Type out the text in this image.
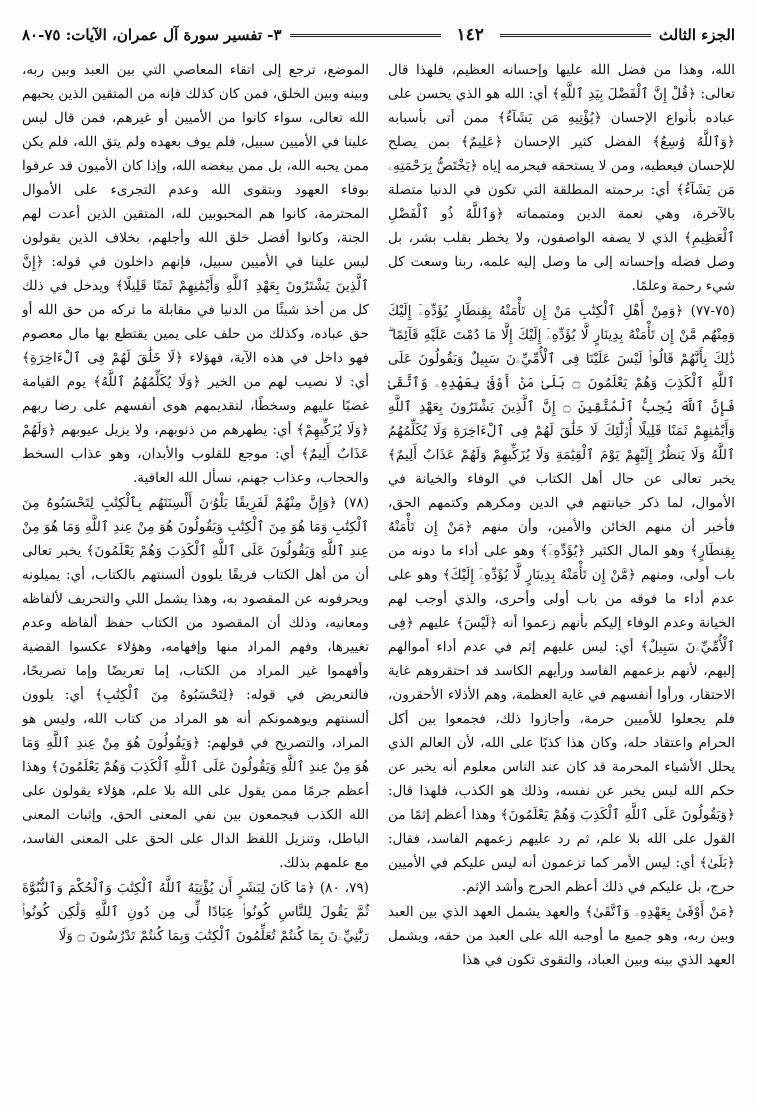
الجزء الثالث
١٤٢
٣- تفسير سورة آل عمران، الآيات: ٧٥-٨٠

الله، وهذا من فضل الله عليها وإحسانه العظيم، فلهذا قال تعالى: ﴿قُلْ إِنَّ ٱلْفَضْلَ بِيَدِ ٱللَّهِ﴾ أي: الله هو الذي يحسن على عباده بأنواع الإحسان ﴿يُؤْتِيهِ مَن يَشَآءُ﴾ ممن أتى بأسبابه ﴿وَٱللَّهُ وَٰسِعٌ﴾ الفضل كثير الإحسان ﴿عَلِيمٌ﴾ بمن يصلح للإحسان فيعطيه، ومن لا يستحقه فيحرمه إياه ﴿يَخْتَصُّ بِرَحْمَتِهِۦ مَن يَشَآءُ﴾ أي: برحمته المطلقة التي تكون في الدنيا متصلة بالآخرة، وهي نعمة الدين ومتمماته ﴿وَٱللَّهُ ذُو ٱلْفَضْلِ ٱلْعَظِيمِ﴾ الذي لا يصفه الواصفون، ولا يخطر بقلب بشر، بل وصل فضله وإحسانه إلى ما وصل إليه علمه، ربنا وسعت كل شيء رحمة وعلمًا.

(٧٥-٧٧) ﴿وَمِنْ أَهْلِ ٱلْكِتَٰبِ مَنْ إِن تَأْمَنْهُ بِقِنطَارٍ يُؤَدِّهِۦٓ إِلَيْكَ وَمِنْهُم مَّنْ إِن تَأْمَنْهُ بِدِينَارٍ لَّا يُؤَدِّهِۦٓ إِلَيْكَ إِلَّا مَا دُمْتَ عَلَيْهِ قَآئِمًا ۗ ذَٰلِكَ بِأَنَّهُمْ قَالُوا۟ لَيْسَ عَلَيْنَا فِى ٱلْأُمِّيِّۦنَ سَبِيلٌ وَيَقُولُونَ عَلَى ٱللَّهِ ٱلْكَذِبَ وَهُمْ يَعْلَمُونَ ۝ بَلَىٰ مَنْ أَوْفَىٰ بِعَهْدِهِۦ وَٱتَّقَىٰ فَإِنَّ ٱللَّهَ يُحِبُّ ٱلْمُتَّقِينَ ۝ إِنَّ ٱلَّذِينَ يَشْتَرُونَ بِعَهْدِ ٱللَّهِ وَأَيْمَٰنِهِمْ ثَمَنًا قَلِيلًا أُو۟لَٰٓئِكَ لَا خَلَٰقَ لَهُمْ فِى ٱلْءَاخِرَةِ وَلَا يُكَلِّمُهُمُ ٱللَّهُ وَلَا يَنظُرُ إِلَيْهِمْ يَوْمَ ٱلْقِيَٰمَةِ وَلَا يُزَكِّيهِمْ وَلَهُمْ عَذَابٌ أَلِيمٌ﴾ يخبر تعالى عن حال أهل الكتاب في الوفاء والخيانة في الأموال، لما ذكر خيانتهم في الدين ومكرهم وكتمهم الحق، فأخبر أن منهم الخائن والأمين، وأن منهم ﴿مَنْ إِن تَأْمَنْهُ بِقِنطَارٍ﴾ وهو المال الكثير ﴿يُؤَدِّهِۦٓ﴾ وهو على أداء ما دونه من باب أولى، ومنهم ﴿مَّنْ إِن تَأْمَنْهُ بِدِينَارٍ لَّا يُؤَدِّهِۦٓ إِلَيْكَ﴾ وهو على عدم أداء ما فوقه من باب أولى وأحرى، والذي أوجب لهم الخيانة وعدم الوفاء إليكم بأنهم زعموا أنه ﴿لَيْسَ﴾ عليهم ﴿فِى ٱلْأُمِّيِّۦنَ سَبِيلٌ﴾ أي: ليس عليهم إثم في عدم أداء أموالهم إليهم، لأنهم بزعمهم الفاسد ورأيهم الكاسد قد احتقروهم غاية الاحتقار، ورأوا أنفسهم في غاية العظمة، وهم الأذلاء الأحقرون، فلم يجعلوا للأميين حرمة، وأجازوا ذلك، فجمعوا بين أكل الحرام واعتقاد حله، وكان هذا كذبًا على الله، لأن العالم الذي يحلل الأشياء المحرمة قد كان عند الناس معلوم أنه يخبر عن حكم الله ليس يخبر عن نفسه، وذلك هو الكذب، فلهذا قال: ﴿وَيَقُولُونَ عَلَى ٱللَّهِ ٱلْكَذِبَ وَهُمْ يَعْلَمُونَ﴾ وهذا أعظم إثمًا من القول على الله بلا علم، ثم رد عليهم زعمهم الفاسد، فقال: ﴿بَلَىٰ﴾ أي: ليس الأمر كما تزعمون أنه ليس عليكم في الأميين حرج، بل عليكم في ذلك أعظم الحرج وأشد الإثم.

﴿مَنْ أَوْفَىٰ بِعَهْدِهِۦ وَٱتَّقَىٰ﴾ والعهد يشمل العهد الذي بين العبد وبين ربه، وهو جميع ما أوجبه الله على العبد من حقه، ويشمل العهد الذي بينه وبين العباد، والتقوى تكون في هذا

الموضع، ترجع إلى اتقاء المعاصي التي بين العبد وبين ربه، وبينه وبين الخلق، فمن كان كذلك فإنه من المتقين الذين يحبهم الله تعالى، سواء كانوا من الأميين أو غيرهم، فمن قال ليس علينا في الأميين سبيل، فلم يوف بعهده ولم يتق الله، فلم يكن ممن يحبه الله، بل ممن يبغضه الله، وإذا كان الأميون قد عرفوا بوفاء العهود وبتقوى الله وعدم التجرىء على الأموال المحترمة، كانوا هم المحبوبين لله، المتقين الذين أعدت لهم الجنة، وكانوا أفضل خلق الله وأجلهم، بخلاف الذين يقولون ليس علينا في الأميين سبيل، فإنهم داخلون في قوله: ﴿إِنَّ ٱلَّذِينَ يَشْتَرُونَ بِعَهْدِ ٱللَّهِ وَأَيْمَٰنِهِمْ ثَمَنًا قَلِيلًا﴾ ويدخل في ذلك كل من أخذ شيئًا من الدنيا في مقابلة ما تركه من حق الله أو حق عباده، وكذلك من حلف على يمين يقتطع بها مال معصوم فهو داخل في هذه الآية، فهؤلاء ﴿لَا خَلَٰقَ لَهُمْ فِى ٱلْءَاخِرَةِ﴾ أي: لا نصيب لهم من الخير ﴿وَلَا يُكَلِّمُهُمُ ٱللَّهُ﴾ يوم القيامة غضبًا عليهم وسخطًا، لتقديمهم هوى أنفسهم على رضا ربهم ﴿وَلَا يُزَكِّيهِمْ﴾ أي: يطهرهم من ذنوبهم، ولا يزيل عيوبهم ﴿وَلَهُمْ عَذَابٌ أَلِيمٌ﴾ أي: موجع للقلوب والأبدان، وهو عذاب السخط والحجاب، وعذاب جهنم، نسأل الله العافية.

(٧٨) ﴿وَإِنَّ مِنْهُمْ لَفَرِيقًا يَلْوُۥنَ أَلْسِنَتَهُم بِٱلْكِتَٰبِ لِتَحْسَبُوهُ مِنَ ٱلْكِتَٰبِ وَمَا هُوَ مِنَ ٱلْكِتَٰبِ وَيَقُولُونَ هُوَ مِنْ عِندِ ٱللَّهِ وَمَا هُوَ مِنْ عِندِ ٱللَّهِ وَيَقُولُونَ عَلَى ٱللَّهِ ٱلْكَذِبَ وَهُمْ يَعْلَمُونَ﴾ يخبر تعالى أن من أهل الكتاب فريقًا يلوون ألسنتهم بالكتاب، أي: يميلونه ويحرفونه عن المقصود به، وهذا يشمل اللي والتحريف لألفاظه ومعانيه، وذلك أن المقصود من الكتاب حفظ ألفاظه وعدم تغييرها، وفهم المراد منها وإفهامه، وهؤلاء عكسوا القضية وأفهموا غير المراد من الكتاب، إما تعريضًا وإما تصريحًا، فالتعريض في قوله: ﴿لِتَحْسَبُوهُ مِنَ ٱلْكِتَٰبِ﴾ أي: يلوون ألسنتهم ويوهمونكم أنه هو المراد من كتاب الله، وليس هو المراد، والتصريح في قولهم: ﴿وَيَقُولُونَ هُوَ مِنْ عِندِ ٱللَّهِ وَمَا هُوَ مِنْ عِندِ ٱللَّهِ وَيَقُولُونَ عَلَى ٱللَّهِ ٱلْكَذِبَ وَهُمْ يَعْلَمُونَ﴾ وهذا أعظم جرمًا ممن يقول على الله بلا علم، هؤلاء يقولون على الله الكذب فيجمعون بين نفي المعنى الحق، وإثبات المعنى الباطل، وتنزيل اللفظ الدال على الحق على المعنى الفاسد، مع علمهم بذلك.

(٧٩، ٨٠) ﴿مَا كَانَ لِبَشَرٍ أَن يُؤْتِيَهُ ٱللَّهُ ٱلْكِتَٰبَ وَٱلْحُكْمَ وَٱلنُّبُوَّةَ ثُمَّ يَقُولَ لِلنَّاسِ كُونُوا۟ عِبَادًا لِّى مِن دُونِ ٱللَّهِ وَلَٰكِن كُونُوا۟ رَبَّٰنِيِّۦنَ بِمَا كُنتُمْ تُعَلِّمُونَ ٱلْكِتَٰبَ وَبِمَا كُنتُمْ تَدْرُسُونَ ۝ وَلَا
